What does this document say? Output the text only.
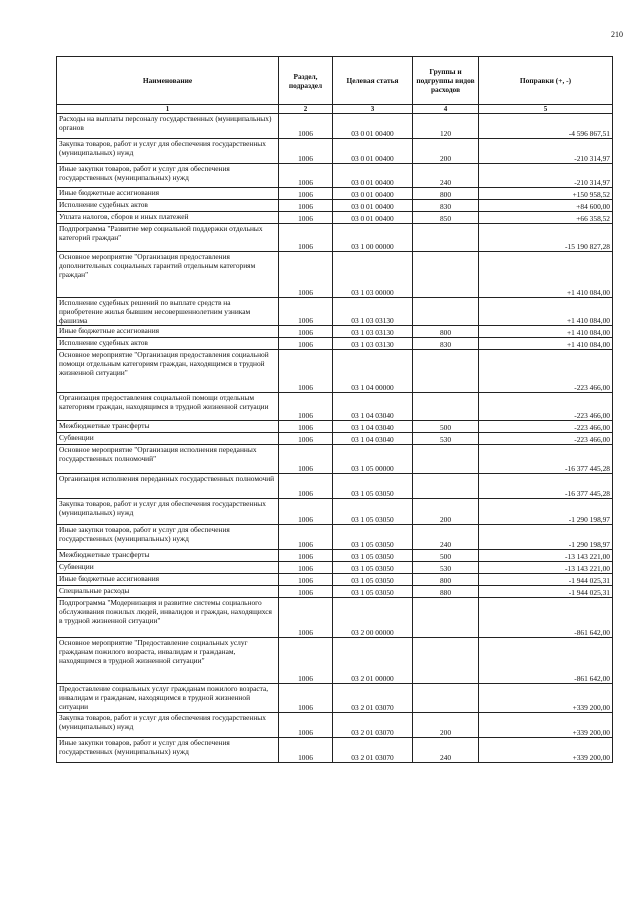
210
Наименование	Раздел, подраздел	Целевая статья	Группы и подгруппы видов расходов	Поправки (+, -)
1	2	3	4	5
Расходы на выплаты персоналу государственных (муниципальных) органов	1006	03 0 01 00400	120	-4 596 867,51
Закупка товаров, работ и услуг для обеспечения государственных (муниципальных) нужд	1006	03 0 01 00400	200	-210 314,97
Иные закупки товаров, работ и услуг для обеспечения государственных (муниципальных) нужд	1006	03 0 01 00400	240	-210 314,97
Иные бюджетные ассигнования	1006	03 0 01 00400	800	+150 958,52
Исполнение судебных актов	1006	03 0 01 00400	830	+84 600,00
Уплата налогов, сборов и иных платежей	1006	03 0 01 00400	850	+66 358,52
Подпрограмма "Развитие мер социальной поддержки отдельных категорий граждан"	1006	03 1 00 00000		-15 190 827,28
Основное мероприятие "Организация предоставления дополнительных социальных гарантий отдельным категориям граждан"	1006	03 1 03 00000		+1 410 084,00
Исполнение судебных решений по выплате средств на приобретение жилья бывшим несовершеннолетним узникам фашизма	1006	03 1 03 03130		+1 410 084,00
Иные бюджетные ассигнования	1006	03 1 03 03130	800	+1 410 084,00
Исполнение судебных актов	1006	03 1 03 03130	830	+1 410 084,00
Основное мероприятие "Организация предоставления социальной помощи отдельным категориям граждан, находящимся в трудной жизненной ситуации"	1006	03 1 04 00000		-223 466,00
Организация предоставления социальной помощи отдельным категориям граждан, находящимся в трудной жизненной ситуации	1006	03 1 04 03040		-223 466,00
Межбюджетные трансферты	1006	03 1 04 03040	500	-223 466,00
Субвенции	1006	03 1 04 03040	530	-223 466,00
Основное мероприятие "Организация исполнения переданных государственных полномочий"	1006	03 1 05 00000		-16 377 445,28
Организация исполнения переданных государственных полномочий	1006	03 1 05 03050		-16 377 445,28
Закупка товаров, работ и услуг для обеспечения государственных (муниципальных) нужд	1006	03 1 05 03050	200	-1 290 198,97
Иные закупки товаров, работ и услуг для обеспечения государственных (муниципальных) нужд	1006	03 1 05 03050	240	-1 290 198,97
Межбюджетные трансферты	1006	03 1 05 03050	500	-13 143 221,00
Субвенции	1006	03 1 05 03050	530	-13 143 221,00
Иные бюджетные ассигнования	1006	03 1 05 03050	800	-1 944 025,31
Специальные расходы	1006	03 1 05 03050	880	-1 944 025,31
Подпрограмма "Модернизация и развитие системы социального обслуживания пожилых людей, инвалидов и граждан, находящихся в трудной жизненной ситуации"	1006	03 2 00 00000		-861 642,00
Основное мероприятие "Предоставление социальных услуг гражданам пожилого возраста, инвалидам и гражданам, находящимся в трудной жизненной ситуации"	1006	03 2 01 00000		-861 642,00
Предоставление социальных услуг гражданам пожилого возраста, инвалидам и гражданам, находящимся в трудной жизненной ситуации	1006	03 2 01 03070		+339 200,00
Закупка товаров, работ и услуг для обеспечения государственных (муниципальных) нужд	1006	03 2 01 03070	200	+339 200,00
Иные закупки товаров, работ и услуг для обеспечения государственных (муниципальных) нужд	1006	03 2 01 03070	240	+339 200,00
